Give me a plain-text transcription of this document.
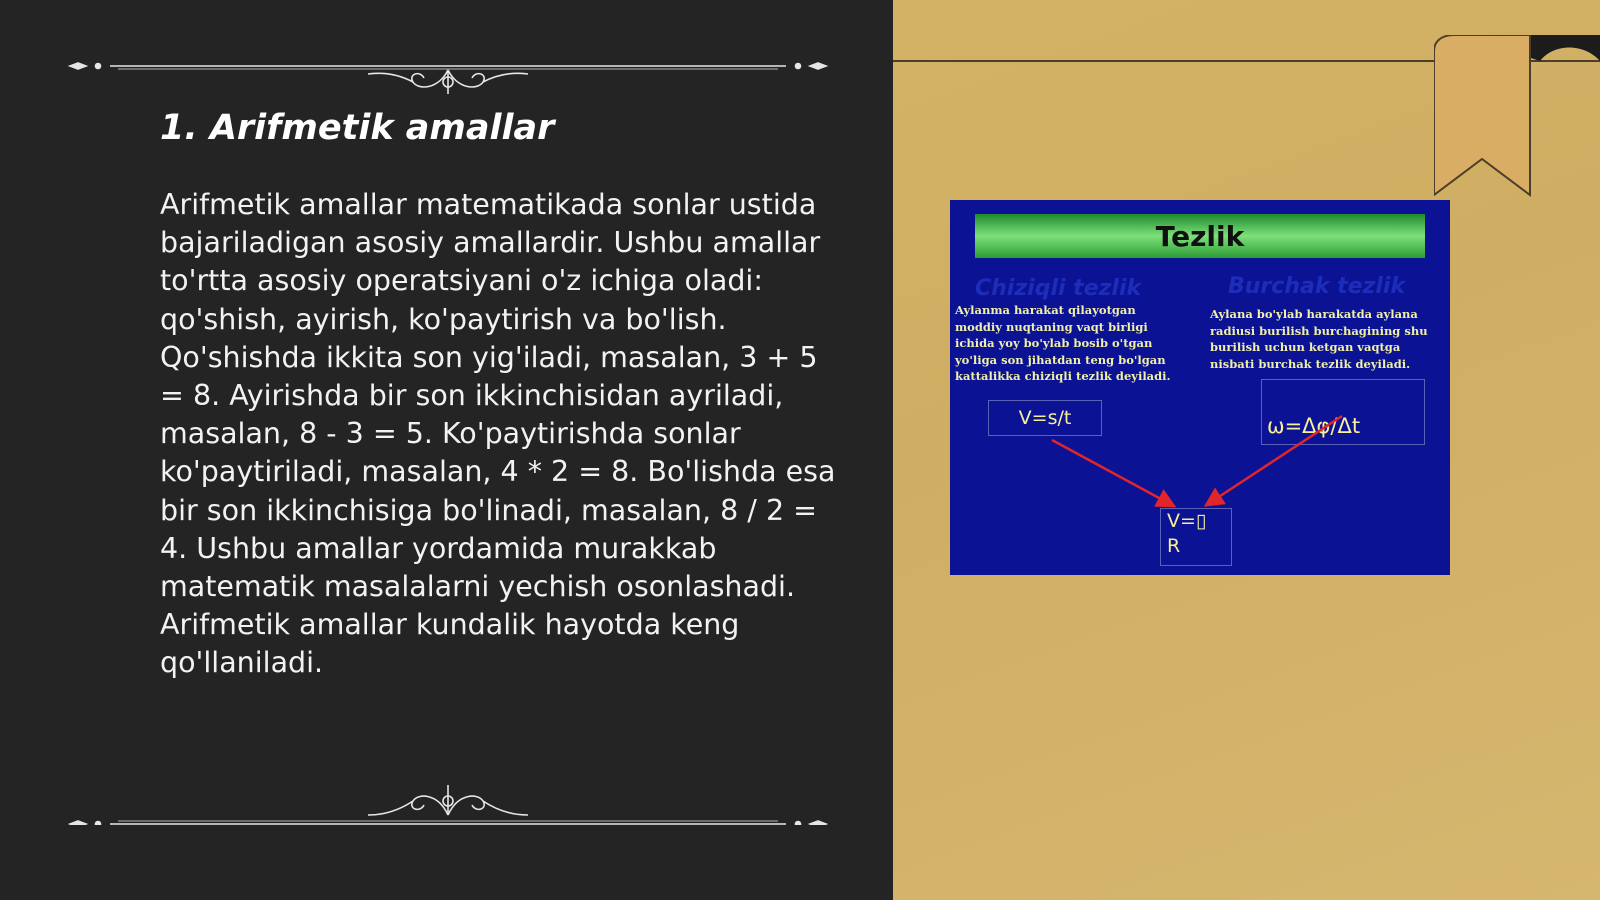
1. Arifmetik amallar

Arifmetik amallar matematikada sonlar ustida bajariladigan asosiy amallardir. Ushbu amallar to'rtta asosiy operatsiyani o'z ichiga oladi: qo'shish, ayirish, ko'paytirish va bo'lish. Qo'shishda ikkita son yig'iladi, masalan, 3 + 5 = 8. Ayirishda bir son ikkinchisidan ayriladi, masalan, 8 - 3 = 5. Ko'paytirishda sonlar ko'paytiriladi, masalan, 4 * 2 = 8. Bo'lishda esa bir son ikkinchisiga bo'linadi, masalan, 8 / 2 = 4. Ushbu amallar yordamida murakkab matematik masalalarni yechish osonlashadi. Arifmetik amallar kundalik hayotda keng qo'llaniladi.

Tezlik
Chiziqli tezlik	Burchak tezlik
Aylanma harakat qilayotgan moddiy nuqtaning vaqt birligi ichida yoy bo'ylab bosib o'tgan yo'liga son jihatdan teng bo'lgan kattalikka chiziqli tezlik deyiladi.
Aylana bo'ylab harakatda aylana radiusi burilish burchagining shu burilish uchun ketgan vaqtga nisbati burchak tezlik deyiladi.
V=s/t	ω=Δφ/Δt
V=▯
R
